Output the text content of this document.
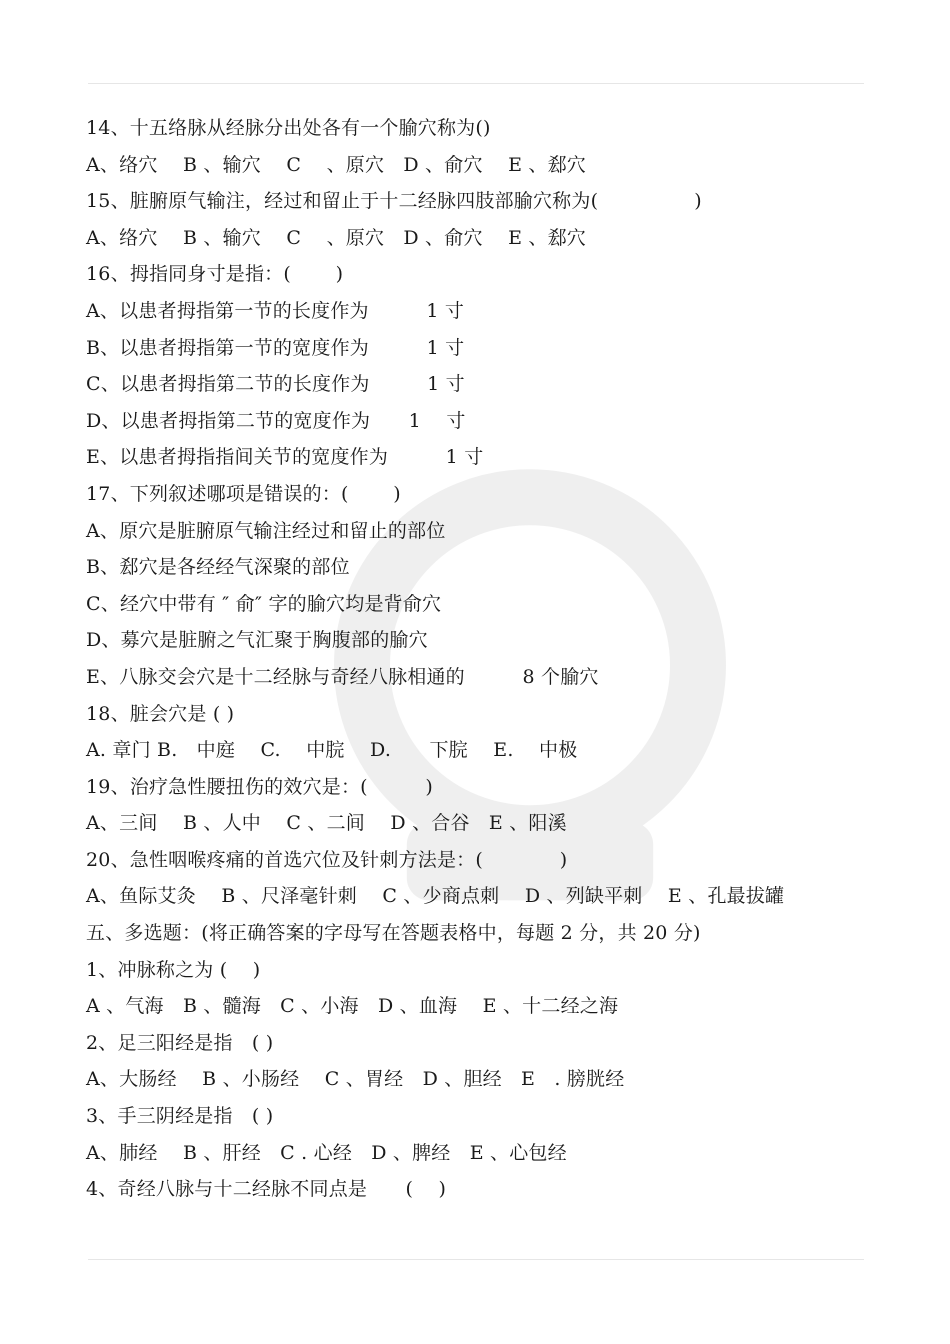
14、十五络脉从经脉分出处各有一个腧穴称为()
A、络穴　 B 、输穴　 C 　、原穴　D 、俞穴　 E 、郄穴
15、脏腑原气输注，经过和留止于十二经脉四肢部腧穴称为(　　　　　)
A、络穴　 B 、输穴　 C 　、原穴　D 、俞穴　 E 、郄穴
16、拇指同身寸是指：(　　 )
A、以患者拇指第一节的长度作为　　　1 寸
B、以患者拇指第一节的宽度作为　　　1 寸
C、以患者拇指第二节的长度作为　　　1 寸
D、以患者拇指第二节的宽度作为　　1　 寸
E、以患者拇指指间关节的宽度作为　　　1 寸
17、下列叙述哪项是错误的：(　　 )
A、原穴是脏腑原气输注经过和留止的部位
B、郄穴是各经经气深聚的部位
C、经穴中带有 ″ 俞″ 字的腧穴均是背俞穴
D、募穴是脏腑之气汇聚于胸腹部的腧穴
E、八脉交会穴是十二经脉与奇经八脉相通的　　　8 个腧穴
18、脏会穴是 ( )
A. 章门 B.　中庭　 C.　 中脘　 D.　　下脘　 E.　 中极
19、治疗急性腰扭伤的效穴是：(　　　)
A、三间　 B 、人中　 C 、二间　 D 、合谷　E 、阳溪
20、急性咽喉疼痛的首选穴位及针刺方法是：(　　　　)
A、鱼际艾灸　 B 、尺泽毫针刺　 C 、少商点刺　 D 、列缺平刺　 E 、孔最拔罐
五、多选题：(将正确答案的字母写在答题表格中，每题 2 分，共 20 分)
1、冲脉称之为 (　 )
A 、气海　B 、髓海　C 、小海　D 、血海　 E 、十二经之海
2、足三阳经是指　( )
A、大肠经　 B 、小肠经　 C 、胃经　D 、胆经　E　. 膀胱经
3、手三阴经是指　( )
A、肺经　 B 、肝经　C . 心经　D 、脾经　E 、心包经
4、奇经八脉与十二经脉不同点是　　(　 )
